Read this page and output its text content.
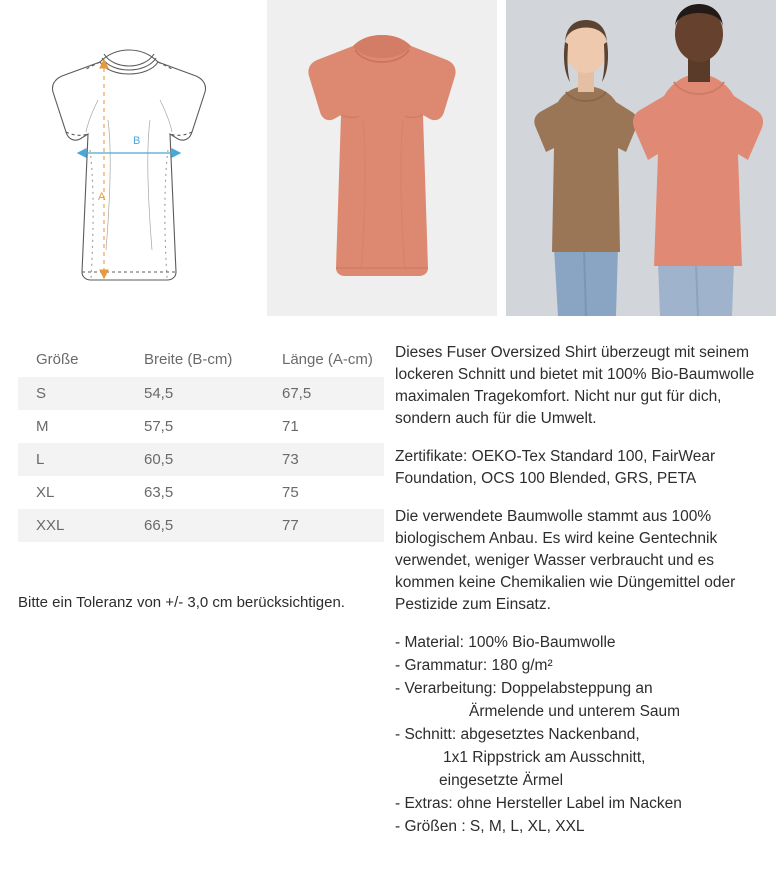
B
A
Größe	Breite (B-cm)	Länge (A-cm)
S	54,5	67,5
M	57,5	71
L	60,5	73
XL	63,5	75
XXL	66,5	77
Bitte ein Toleranz von +/- 3,0 cm berücksichtigen.

Dieses Fuser Oversized Shirt überzeugt mit seinem lockeren Schnitt und bietet mit 100% Bio-Baumwolle maximalen Tragekomfort. Nicht nur gut für dich, sondern auch für die Umwelt.

Zertifikate: OEKO-Tex Standard 100, FairWear Foundation, OCS 100 Blended, GRS, PETA

Die verwendete Baumwolle stammt aus 100% biologischem Anbau. Es wird keine Gentechnik verwendet, weniger Wasser verbraucht und es kommen keine Chemikalien wie Düngemittel oder Pestizide zum Einsatz.

- Material: 100% Bio-Baumwolle
- Grammatur: 180 g/m²
- Verarbeitung: Doppelabsteppung an
Ärmelende und unterem Saum
- Schnitt: abgesetztes Nackenband,
1x1 Rippstrick am Ausschnitt,
eingesetzte Ärmel
- Extras: ohne Hersteller Label im Nacken
- Größen : S, M, L, XL, XXL
